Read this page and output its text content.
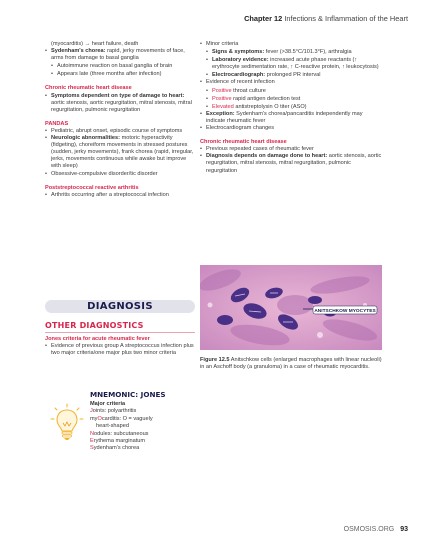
Chapter 12 Infections & Inflammation of the Heart
(myocarditis) → heart failure, death
• Sydenham's chorea: rapid, jerky movements of face, arms from damage to basal ganglia
• Autoimmune reaction on basal ganglia of brain
• Appears late (three months after infection)
Chronic rheumatic heart disease
• Symptoms dependent on type of damage to heart: aortic stenosis, aortic regurgitation, mitral stenosis, mitral regurgitation, pulmonic regurgitation
PANDAS
• Pediatric, abrupt onset, episodic course of symptoms
• Neurologic abnormalities: motoric hyperactivity (fidgeting), choreiform movements in stressed postures (sudden, jerky movements), frank chorea (rapid, irregular, jerks, movements continuous while awake but improve with sleep)
• Obsessive-compulsive disorder/tic disorder
Poststreptococcal reactive arthritis
• Arthritis occurring after a streptococcal infection
DIAGNOSIS
OTHER DIAGNOSTICS
Jones criteria for acute rheumatic fever
• Evidence of previous group A streptococcus infection plus two major criteria/one major plus two minor criteria
MNEMONIC: JONES
Major criteria
Joints: polyarthritis
myOcarditis: O = vaguely
heart-shaped
Nodules: subcutaneous
Erythema marginatum
Sydenham's chorea
• Minor criteria
• Signs & symptoms: fever (>38.5°C/101.3°F), arthralgia
• Laboratory evidence: increased acute phase reactants (↑ erythrocyte sedimentation rate, ↑ C-reactive protein, ↑ leukocytosis)
• Electrocardiograph: prolonged PR interval
• Evidence of recent infection
• Positive throat culture
• Positive rapid antigen detection test
• Elevated antistreptolysin O titer (ASO)
• Exception: Sydenham's chorea/pancarditis independently may indicate rheumatic fever
• Electrocardiogram changes
Chronic rheumatic heart disease
• Previous repeated cases of rheumatic fever
• Diagnosis depends on damage done to heart: aortic stenosis, aortic regurgitation, mitral stenosis, mitral regurgitation, pulmonic regurgitation
ANITSCHKOW MYOCYTES
Figure 12.5 Anitschkow cells (enlarged macrophages with linear nucleoli) in an Aschoff body (a granuloma) in a case of rheumatic myocarditis.
OSMOSIS.ORG 93
